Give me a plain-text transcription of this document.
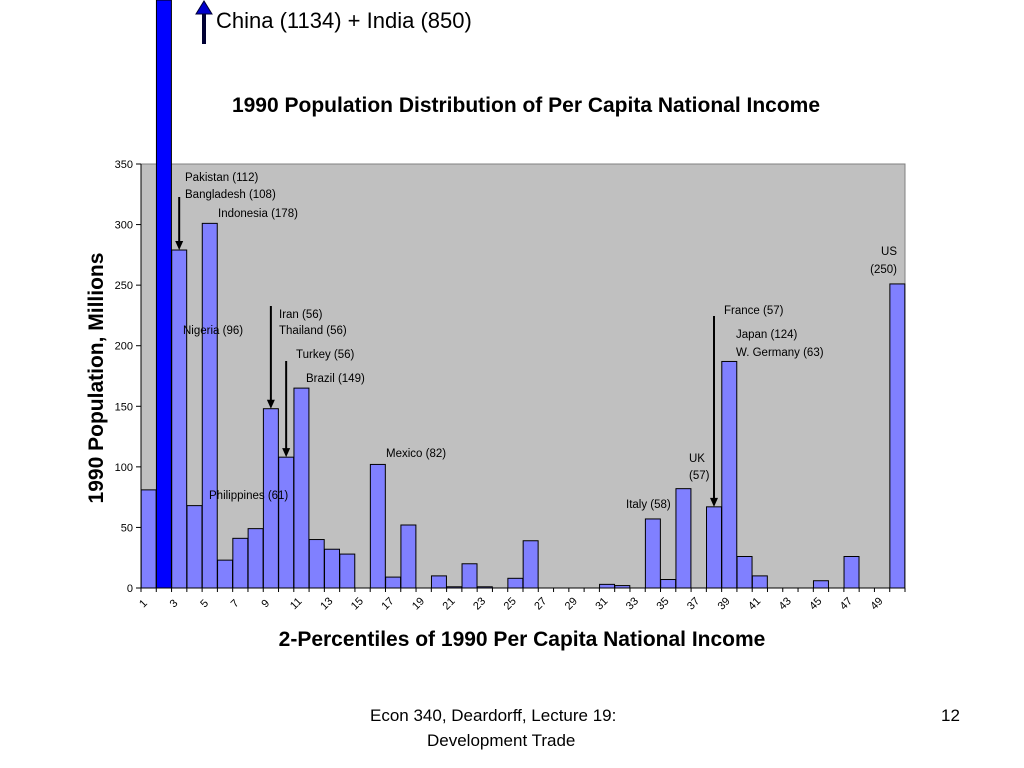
0
50
100
150
200
250
300
350
1 3 5 7 9 11 13 15 17 19 21 23 25 27 29 31 33 35 37 39 41 43 45 47 49
Pakistan (112)
Bangladesh (108)
Indonesia (178)
Nigeria (96)
Philippines (61)
Iran (56)
Thailand (56)
Turkey (56)
Brazil (149)
Mexico (82)	UK
(57)
Italy (58)
France (57)
Japan (124)
W. Germany (63)
US
(250)
1990 Population Distribution of Per Capita National Income
2-Percentiles of 1990 Per Capita National Income
1990 Population, Millions
China (1134) + India (850)
Econ 340, Deardorff, Lecture 19:
Development Trade
12
